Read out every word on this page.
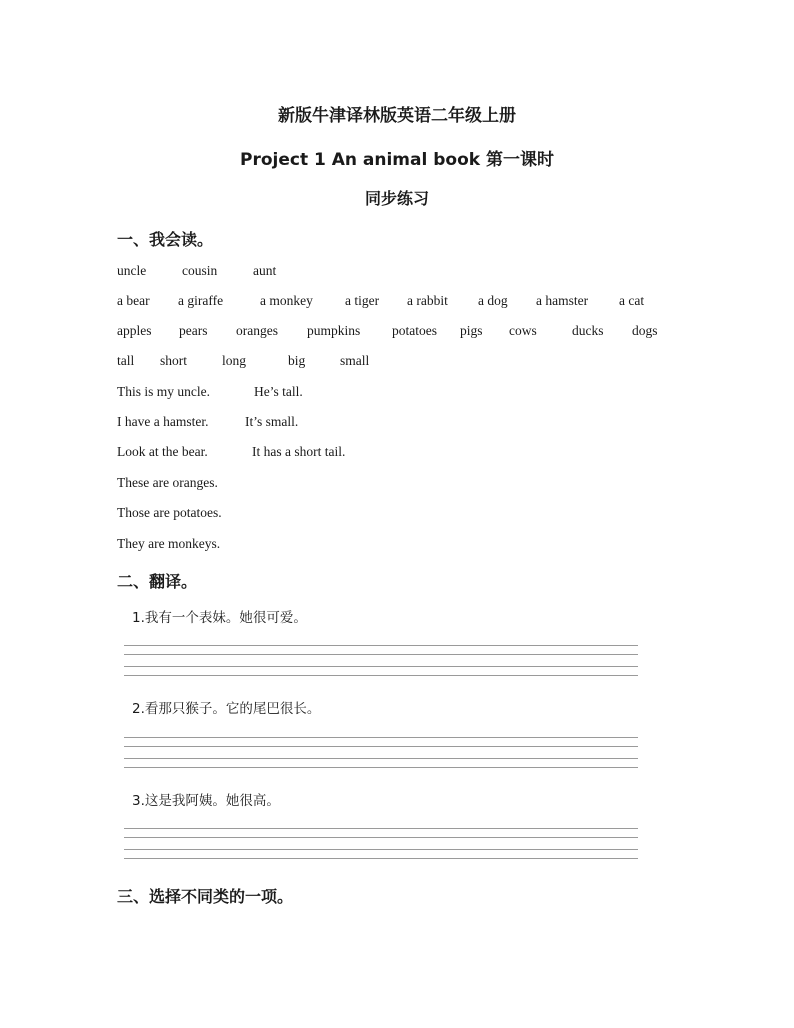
新版牛津译林版英语二年级上册
Project 1 An animal book 第一课时
同步练习
一、我会读。
uncle	cousin	aunt
a bear a giraffe	a monkey a tiger a rabbit a dog a hamster a cat
apples pears oranges pumpkins potatoes pigs cows	ducks dogs
tall short	long	big	small
This is my uncle.	He’s tall.
I have a hamster.	It’s small.
Look at the bear.	It has a short tail.
These are oranges.
Those are potatoes.
They are monkeys.
二、翻译。
1.我有一个表妹。她很可爱。
2.看那只猴子。它的尾巴很长。
3.这是我阿姨。她很高。
三、选择不同类的一项。
